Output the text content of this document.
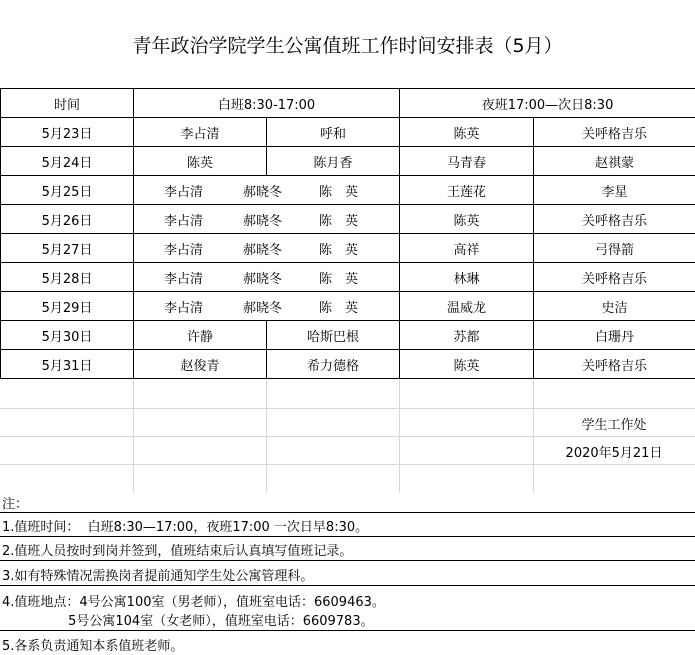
青年政治学院学生公寓值班工作时间安排表（5月）
时间	白班8:30-17:00		夜班17:00—次日8:30	
5月23日	李占清	呼和	陈英	关呼格吉乐
5月24日	陈英	陈月香	马青春	赵祺蒙
5月25日	李占清 郝晓冬 陈　英		王莲花	李星
5月26日	李占清 郝晓冬 陈　英		陈英	关呼格吉乐
5月27日	李占清 郝晓冬 陈　英		高祥	弓得箭
5月28日	李占清 郝晓冬 陈　英		林琳	关呼格吉乐
5月29日	李占清 郝晓冬 陈　英		温威龙	史洁
5月30日	许静	哈斯巴根	苏都	白珊丹
5月31日	赵俊青	希力德格	陈英	关呼格吉乐
学生工作处
2020年5月21日
注：
1.值班时间：  白班8:30—17:00，夜班17:00 一次日早8:30。
2.值班人员按时到岗并签到，值班结束后认真填写值班记录。
3.如有特殊情况需换岗者提前通知学生处公寓管理科。
4.值班地点：4号公寓100室（男老师），值班室电话：6609463。
5号公寓104室（女老师），值班室电话：6609783。
5.各系负责通知本系值班老师。
